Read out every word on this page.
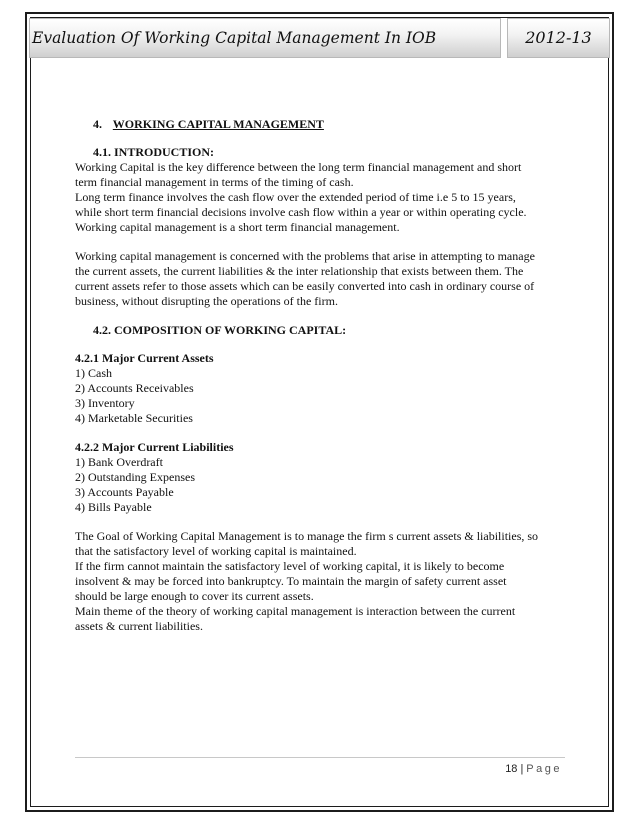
Evaluation Of Working Capital Management In IOB	2012-13
4. WORKING CAPITAL MANAGEMENT
4.1. INTRODUCTION:

Working Capital is the key difference between the long term financial management and short

term financial management in terms of the timing of cash.

Long term finance involves the cash flow over the extended period of time i.e 5 to 15 years,

while short term financial decisions involve cash flow within a year or within operating cycle.

Working capital management is a short term financial management.

Working capital management is concerned with the problems that arise in attempting to manage

the current assets, the current liabilities & the inter relationship that exists between them. The

current assets refer to those assets which can be easily converted into cash in ordinary course of

business, without disrupting the operations of the firm.

4.2. COMPOSITION OF WORKING CAPITAL:
4.2.1 Major Current Assets
1) Cash
2) Accounts Receivables
3) Inventory
4) Marketable Securities
4.2.2 Major Current Liabilities
1) Bank Overdraft
2) Outstanding Expenses
3) Accounts Payable
4) Bills Payable

The Goal of Working Capital Management is to manage the firm s current assets & liabilities, so

that the satisfactory level of working capital is maintained.

If the firm cannot maintain the satisfactory level of working capital, it is likely to become

insolvent & may be forced into bankruptcy. To maintain the margin of safety current asset

should be large enough to cover its current assets.

Main theme of the theory of working capital management is interaction between the current

assets & current liabilities.

18 | Page
